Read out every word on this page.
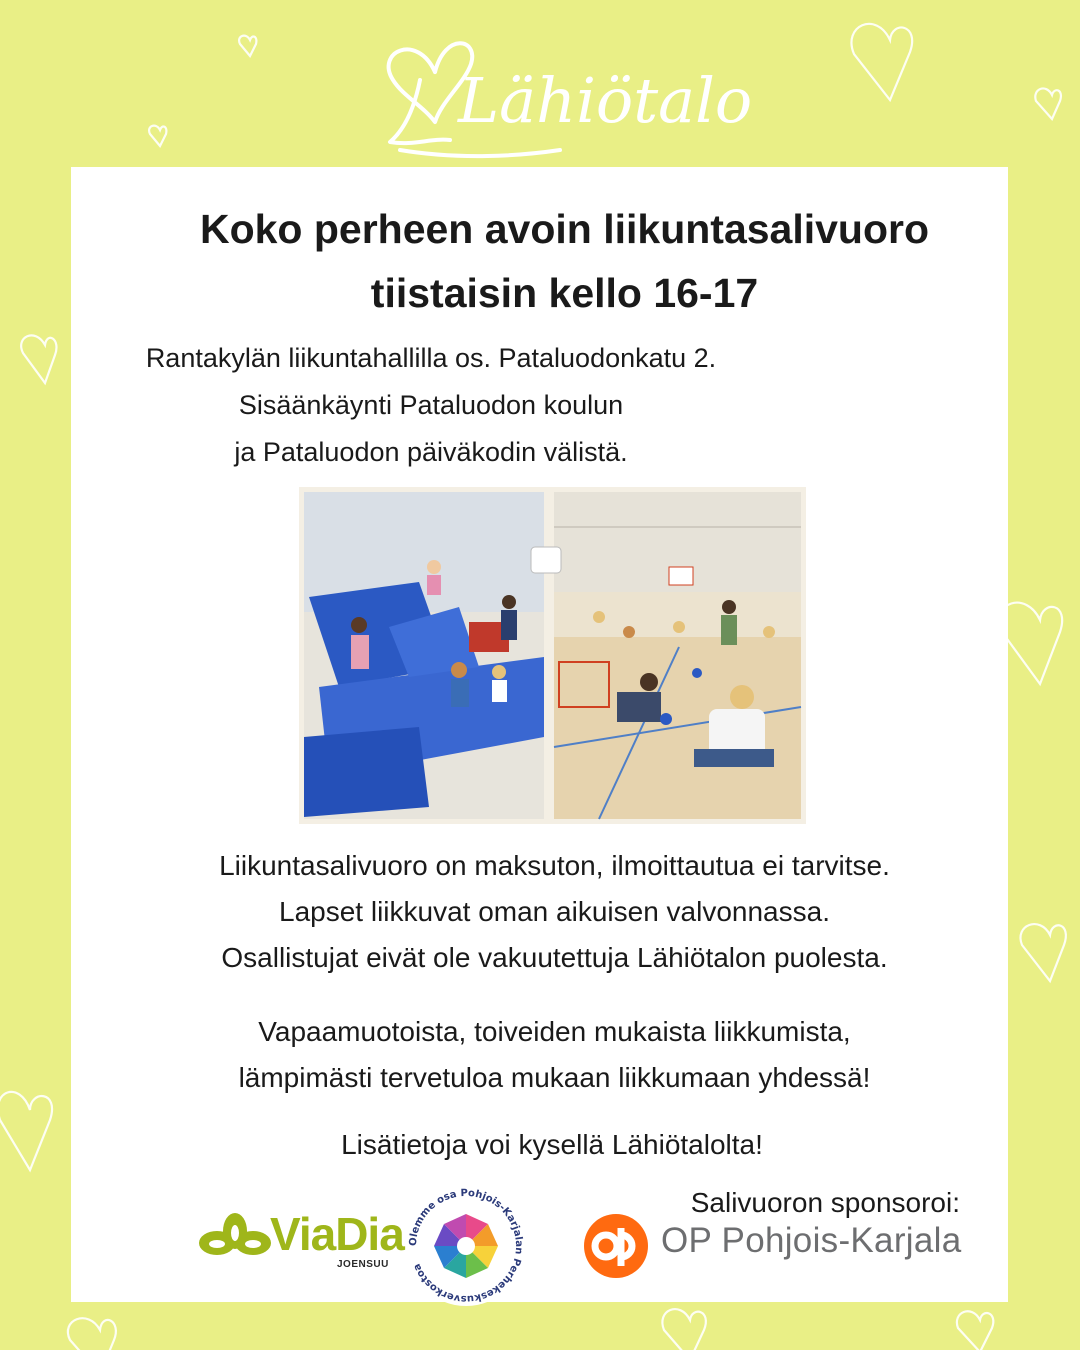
Lähiötalo
Koko perheen avoin liikuntasalivuoro
tiistaisin kello 16-17
Rantakylän liikuntahallilla os. Pataluodonkatu 2.
Sisäänkäynti Pataluodon koulun
ja Pataluodon päiväkodin välistä.
Liikuntasalivuoro on maksuton, ilmoittautua ei tarvitse.
Lapset liikkuvat oman aikuisen valvonnassa.
Osallistujat eivät ole vakuutettuja Lähiötalon puolesta.
Vapaamuotoista, toiveiden mukaista liikkumista,
lämpimästi tervetuloa mukaan liikkumaan yhdessä!
Lisätietoja voi kysellä Lähiötalolta!
Salivuoron sponsoroi:
ViaDia
JOENSUU
Olemme osa Pohjois-Karjalan Perhekeskusverkostoa
OP Pohjois-Karjala
